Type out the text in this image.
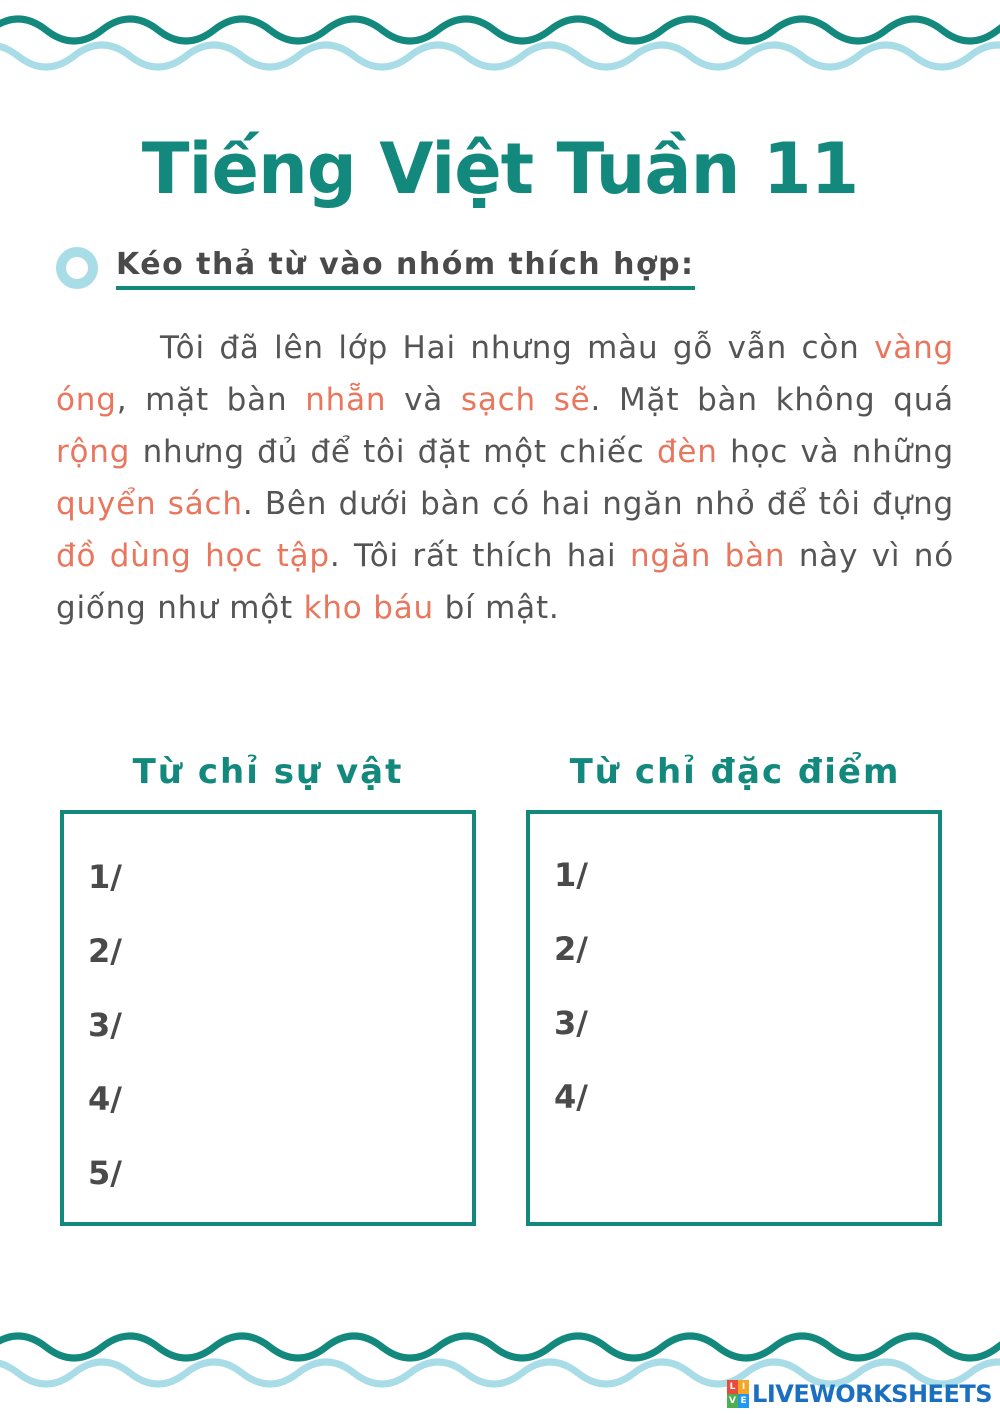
Tiếng Việt Tuần 11
Kéo thả từ vào nhóm thích hợp:

Tôi đã lên lớp Hai nhưng màu gỗ vẫn còn vàng óng, mặt bàn nhẵn và sạch sẽ. Mặt bàn không quá rộng nhưng đủ để tôi đặt một chiếc đèn học và những quyển sách. Bên dưới bàn có hai ngăn nhỏ để tôi đựng đồ dùng học tập. Tôi rất thích hai ngăn bàn này vì nó giống như một kho báu bí mật.

Từ chỉ sự vật	Từ chỉ đặc điểm
1/
2/
3/
4/
5/
1/
2/
3/
4/
L I
V E LIVEWORKSHEETS
